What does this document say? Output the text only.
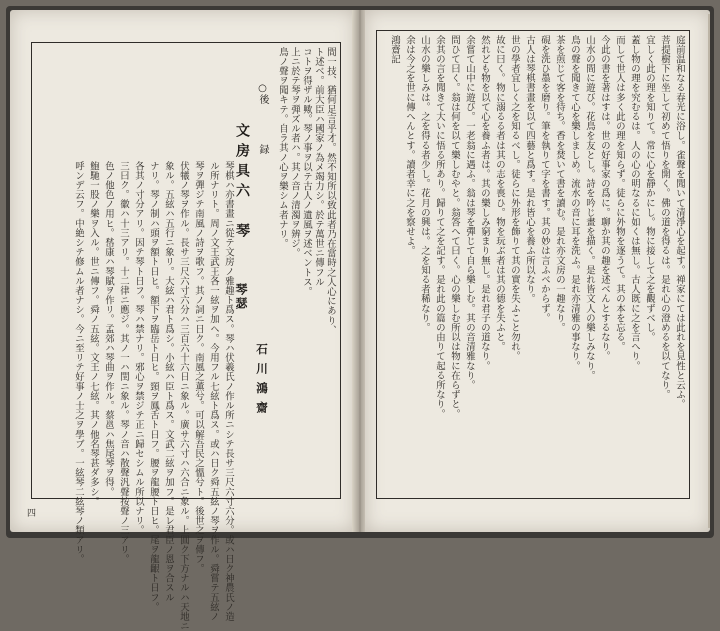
間一技、猶何足言乎才。然不知所以致此者乃在當時之人心にあり、
ト述ベ。前大臣ハ國家ノ為メ竭力シ。於テ萬世ニ傳フル
コトヲ得ザル歟。琴ノ事ヲ以テ古人ノ遺風ヲ述ベントス。
上ニ於テ琴ヲ弾ズル者ハ。其ノ音ノ清濁ヲ辨ジ。
鳥ノ聲ヲ聞キテ。自ラ其ノ心ヲ樂シム者ナリ。
○後　　　　録
文房具六　琴
琴瑟
石川鴻齋
琴棋ハ亦書畫ニ從テ文房ノ雅趣ト爲ス。琴ハ伏羲氏ノ作ル所ニシテ長サ三尺六寸六分。或ハ日ク神農氏ノ造
ル所ナリト。周ノ文王武王各一絃ヲ加ヘ。今用フル七絃ト爲ス。或ハ日ク舜五絃ノ琴ヲ作ル。舜嘗テ五絃ノ
琴ヲ彈ジテ南風ノ詩ヲ歌フ。其ノ詞ニ日ク。南風之薫兮。可以解吾民之慍兮ト。後世之ヲ傳フ。
伏犧ノ琴ヲ作ル。長サ三尺六寸六分ハ三百六十六日ニ象ル。廣サ六寸ハ六合ニ象ル。上圓ク下方ナルハ天地ニ
象ル。五絃ハ五行ニ象リ。大絃ハ君ト爲シ。小絃ハ臣ト爲ス。文武二絃ヲ加フ。是レ君臣ノ恩ヲ合スル
ナリ。琴ノ制ハ頭ヲ額ト日ヒ。額下ヲ臨岳ト日ヒ。頸ヲ鳳舌ト日フ。腰ヲ龍腰ト日ヒ。尾ヲ龍齦ト日フ。
各其ノ寸分アリ。因テ琴ト日フ。琴ハ禁ナリ。邪心ヲ禁ジテ正ニ歸セシムル所以ナリ。
三曰ク。徽ハ十三アリ。十二律ニ應ジ。其ノ一ハ閏ニ象ル。琴ノ音ハ散聲汎聲按聲ノ三アリ。
色ノ他色ノ用ヒ。嵆康ハ琴賦ヲ作リ。孟郊ハ琴曲ヲ作ル。蔡邕ハ焦尾琴ヲ得。
鮑馳一股ノ樂ヲ入ル。世ニ傳フ。舜ノ五絃。文王ノ七絃。其ノ他名琴甚ダ多シ。
呼ンデ云フ。中絶シテ修ムル者ナシ。今ニ至リテ好事ノ士之ヲ學ブ。一絃琴二絃琴ノ類アリ。
四
庭前温和なる春光に浴し。雀聲を聞いて清淨心を起す。禅家にては此れを見性と云ふ。
菩提樹下に坐して初めて悟りを開く。佛の道を得るは。是れ心の澄めるを以てなり。
宜しく此の理を知りて。常に心を靜かにし。物に接して之を觀ずべし。
蓋し物の理を究むるは。人の心の明なるに如くは無し。古人既に之を言へり。
而して世人は多く此の理を知らず。徒らに外物を逐うて。其の本を忘る。
今此の書を著はすは。世の好事家の爲に。聊か其の趣を述べんとするなり。
山水の間に遊び。花鳥を友とし。詩を吟じ畫を描く。是れ皆文人の樂しみなり。
鳥の聲を聞きて心を樂しましめ。流水の音に耳を洗ふ。是れ亦清雅の事なり。
茶を煎じて客を待ち。香を焚いて書を讀む。是れ亦文房の一趣なり。
硯を洗ひ墨を磨り。筆を執りて字を書す。其の妙は言ふべからず。
古人は琴棋書畫を以て四藝と爲す。是れ皆心を養ふ所以なり。
世の學者宜しく之を知るべし。徒らに外形を飾りて其の實を失ふこと勿れ。
故に曰く。物に溺るる者は其の志を喪ひ。物を玩ぶ者は其の德を失ふと。
然れども物を以て心を養ふ者は。其の樂しみ窮まり無し。是れ君子の道なり。
余嘗て山中に遊び。一老翁に遇ふ。翁は琴を彈じて自ら樂しむ。其の音清雅なり。
問ひて曰く。翁は何を以て樂しむやと。翁答へて曰く。心の樂しむ所以は物に在らずと。
余其の言を聞きて大いに悟る所あり。歸りて之を記す。是れ此の篇の由りて起る所なり。
山水の樂しみは。之を得る者少し。花月の興は。之を知る者稀なり。
余は今之を世に傳へんとす。讀者幸に之を察せよ。
鴻齋記
